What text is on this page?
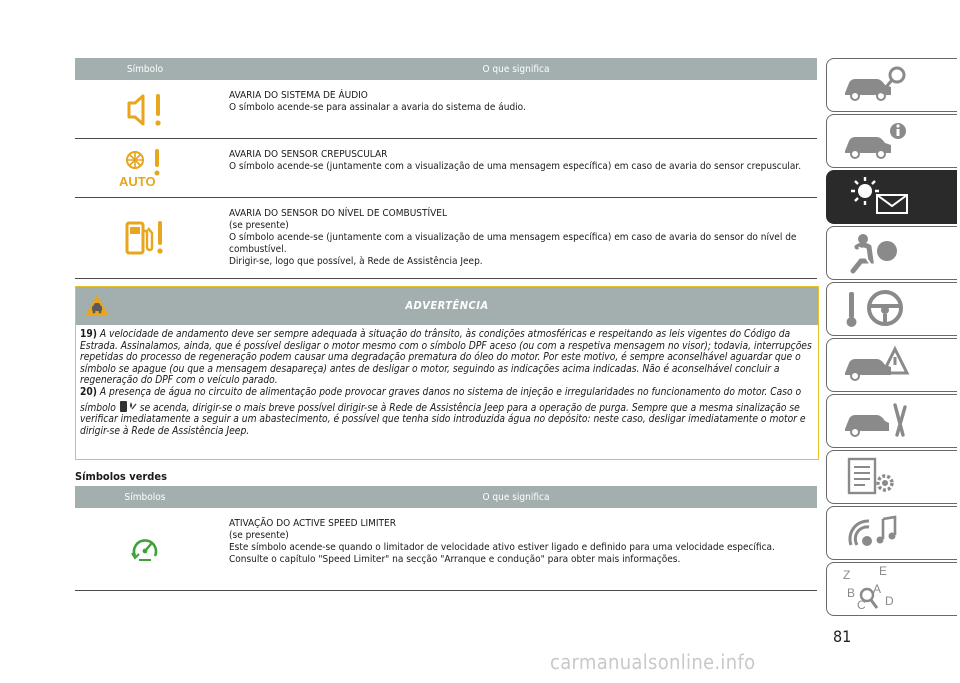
Símbolo	O que significa

AVARIA DO SISTEMA DE ÁUDIO
O símbolo acende-se para assinalar a avaria do sistema de áudio.

AUTO	AVARIA DO SENSOR CREPUSCULAR
O símbolo acende-se (juntamente com a visualização de uma mensagem específica) em caso de avaria do sensor crepuscular.

AVARIA DO SENSOR DO NÍVEL DE COMBUSTÍVEL
(se presente)
O símbolo acende-se (juntamente com a visualização de uma mensagem específica) em caso de avaria do sensor do nível de combustível.
Dirigir-se, logo que possível, à Rede de Assistência Jeep.
ADVERTÊNCIA

19) A velocidade de andamento deve ser sempre adequada à situação do trânsito, às condições atmosféricas e respeitando as leis vigentes do Código da Estrada. Assinalamos, ainda, que é possível desligar o motor mesmo com o símbolo DPF aceso (ou com a respetiva mensagem no visor); todavia, interrupções repetidas do processo de regeneração podem causar uma degradação prematura do óleo do motor. Por este motivo, é sempre aconselhável aguardar que o símbolo se apague (ou que a mensagem desapareça) antes de desligar o motor, seguindo as indicações acima indicadas. Não é aconselhável concluir a regeneração do DPF com o veículo parado.

20) A presença de água no circuito de alimentação pode provocar graves danos no sistema de injeção e irregularidades no funcionamento do motor. Caso o símbolo se acenda, dirigir-se o mais breve possível dirigir-se à Rede de Assistência Jeep para a operação de purga. Sempre que a mesma sinalização se verificar imediatamente a seguir a um abastecimento, é possível que tenha sido introduzida água no depósito: neste caso, desligar imediatamente o motor e dirigir-se à Rede de Assistência Jeep.

Símbolos verdes
Símbolos	O que significa

ATIVAÇÃO DO ACTIVE SPEED LIMITER
(se presente)
Este símbolo acende-se quando o limitador de velocidade ativo estiver ligado e definido para uma velocidade específica.
Consulte o capítulo "Speed Limiter" na secção "Arranque e condução" para obter mais informações.
Z E
B A
C D
81
carmanualsonline.info
